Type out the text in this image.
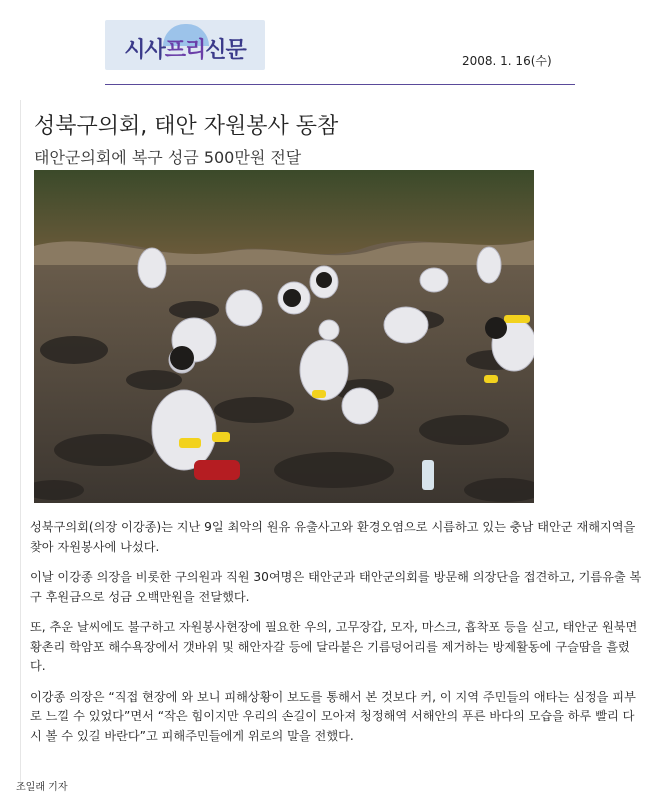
시사프리신문	2008. 1. 16(수)
성북구의회, 태안 자원봉사 동참
태안군의회에 복구 성금 500만원 전달

성북구의회(의장 이강종)는 지난 9일 최악의 원유 유출사고와 환경오염으로 시름하고 있는 충남 태안군 재해지역을 찾아 자원봉사에 나섰다.

이날 이강종 의장을 비롯한 구의원과 직원 30여명은 태안군과 태안군의회를 방문해 의장단을 접견하고, 기름유출 복구 후원금으로 성금 오백만원을 전달했다.

또, 추운 날씨에도 불구하고 자원봉사현장에 필요한 우의, 고무장갑, 모자, 마스크, 흡착포 등을 싣고, 태안군 원북면 황촌리 학암포 해수욕장에서 갯바위 및 해안자갈 등에 달라붙은 기름덩어리를 제거하는 방제활동에 구슬땀을 흘렸다.

이강종 의장은 “직접 현장에 와 보니 피해상황이 보도를 통해서 본 것보다 커, 이 지역 주민들의 애타는 심정을 피부로 느낄 수 있었다”면서 “작은 힘이지만 우리의 손길이 모아져 청정해역 서해안의 푸른 바다의 모습을 하루 빨리 다시 볼 수 있길 바란다”고 피해주민들에게 위로의 말을 전했다.

조일래 기자
